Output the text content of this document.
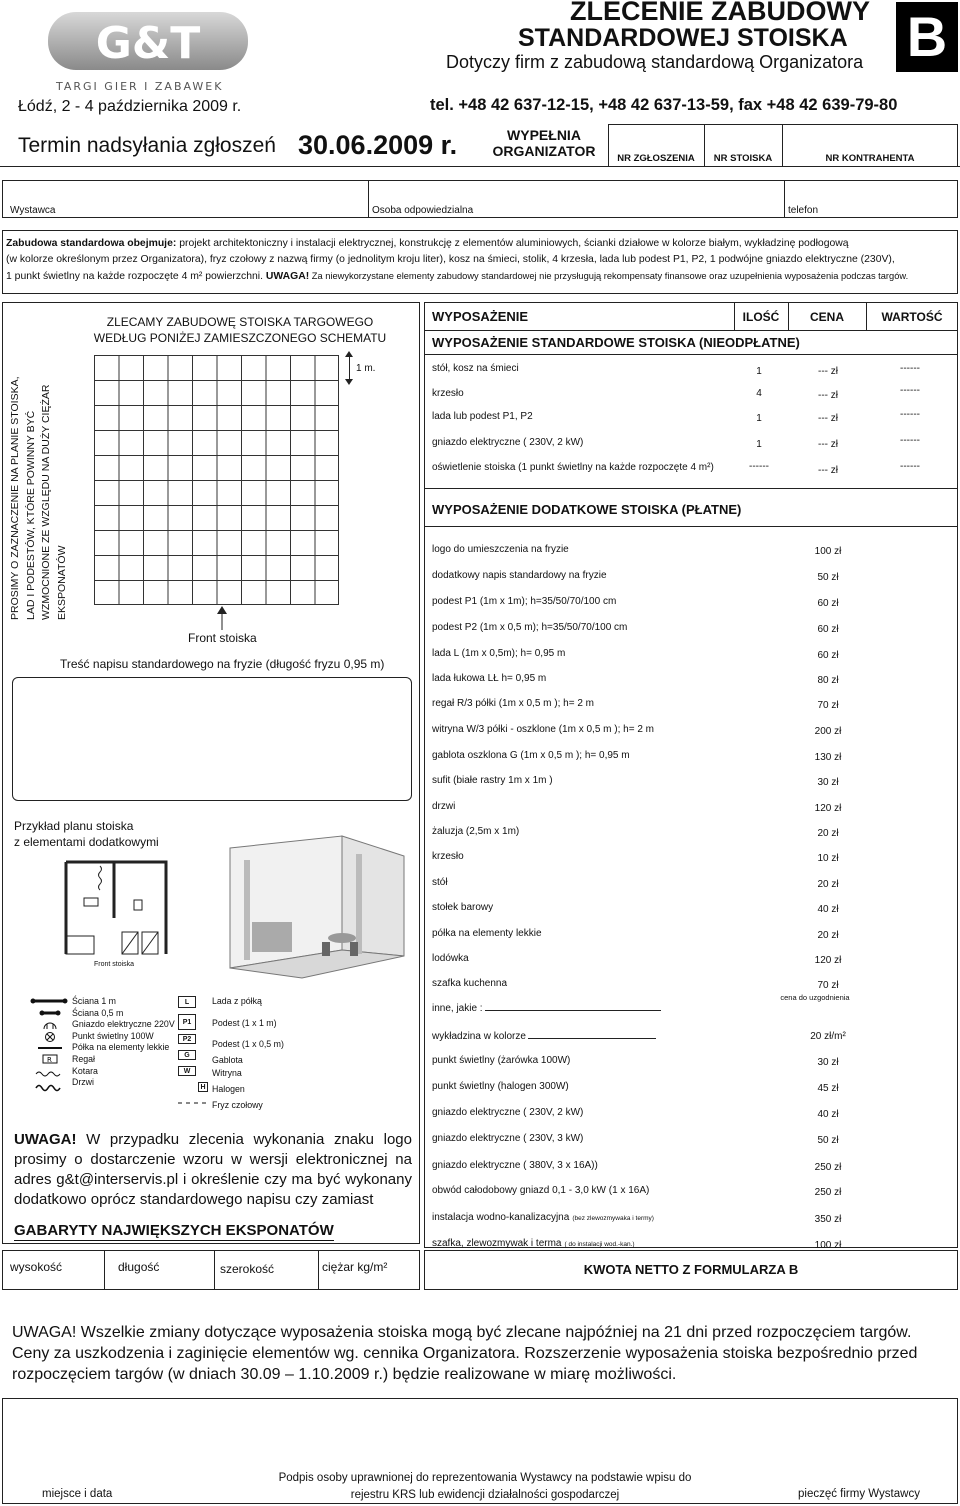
G&T
TARGI GIER I ZABAWEK
ZLECENIE ZABUDOWY
STANDARDOWEJ STOISKA
Dotyczy firm z zabudową standardową Organizatora B
Łódź, 2 - 4 października 2009 r.	tel. +48 42 637-12-15, +48 42 637-13-59, fax +48 42 639-79-80
Termin nadsyłania zgłoszeń 30.06.2009 r.	WYPEŁNIA
ORGANIZATOR	NR ZGŁOSZENIA	NR STOISKA	NR KONTRAHENTA
Wystawca	Osoba odpowiedzialna	telefon
Zabudowa standardowa obejmuje: projekt architektoniczny i instalacji elektrycznej, konstrukcję z elementów aluminiowych, ścianki działowe w kolorze białym, wykładzinę podłogową
(w kolorze określonym przez Organizatora), fryz czołowy z nazwą firmy (o jednolitym kroju liter), kosz na śmieci, stolik, 4 krzesła, lada lub podest P1, P2, 1 podwójne gniazdo elektryczne (230V),
1 punkt świetlny na każde rozpoczęte 4 m² powierzchni. UWAGA! Za niewykorzystane elementy zabudowy standardowej nie przysługują rekompensaty finansowe oraz uzupełnienia wyposażenia podczas targów.
PROSIMY O ZAZNACZENIE NA PLANIE STOISKA, LAD I PODESTÓW, KTÓRE POWINNY BYĆ WZMOCNIONE ZE WZGLĘDU NA DUŻY CIĘŻAR EKSPONATÓW
ZLECAMY ZABUDOWĘ STOISKA TARGOWEGO
WEDŁUG PONIŻEJ ZAMIESZCZONEGO SCHEMATU
1 m.
Front stoiska
Treść napisu standardowego na fryzie (długość fryzu 0,95 m)
Przykład planu stoiska
z elementami dodatkowymi
Front stoiska
R
Ściana 1 m
Ściana 0,5 m
Gniazdo elektryczne 220V
Punkt świetlny 100W
Półka na elementy lekkie
Regał
Kotara
Drzwi
L
P1
P2
G
W
H
Lada z półką
Podest (1 x 1 m)
Podest (1 x 0,5 m)
Gablota
Witryna
Halogen
Fryz czołowy
UWAGA! W przypadku zlecenia wykonania znaku logo prosimy o dostarczenie wzoru w wersji elektronicznej na adres g&t@interservis.pl i określenie czy ma być wykonany dodatkowo oprócz standardowego napisu czy zamiast
GABARYTY NAJWIĘKSZYCH EKSPONATÓW
wysokość	długość	szerokość	ciężar kg/m²
WYPOSAŻENIE	ILOŚĆ	CENA	WARTOŚĆ
WYPOSAŻENIE STANDARDOWE STOISKA (NIEODPŁATNE)
stół, kosz na śmieci	1	--- zł	------
krzesło	4	--- zł	------
lada lub podest P1, P2	1	--- zł	------
gniazdo elektryczne ( 230V, 2 kW)	1	--- zł	------
oświetlenie stoiska (1 punkt świetlny na każde rozpoczęte 4 m²)	------	--- zł	------
WYPOSAŻENIE DODATKOWE STOISKA (PŁATNE)
logo do umieszczenia na fryzie	100 zł
dodatkowy napis standardowy na fryzie	50 zł
podest P1 (1m x 1m); h=35/50/70/100 cm	60 zł
podest P2 (1m x 0,5 m); h=35/50/70/100 cm	60 zł
lada L (1m x 0,5m); h= 0,95 m	60 zł
lada łukowa LŁ h= 0,95 m	80 zł
regał R/3 półki (1m x 0,5 m ); h= 2 m	70 zł
witryna W/3 półki - oszklone (1m x 0,5 m ); h= 2 m	200 zł
gablota oszklona G (1m x 0,5 m ); h= 0,95 m	130 zł
sufit (białe rastry 1m x 1m )	30 zł
drzwi	120 zł
żaluzja (2,5m x 1m)	20 zł
krzesło	10 zł
stół	20 zł
stołek barowy	40 zł
półka na elementy lekkie	20 zł
lodówka	120 zł
szafka kuchenna	70 zł
inne, jakie :
cena do uzgodnienia
wykładzina w kolorze	20 zł/m²
punkt świetlny (żarówka 100W)	30 zł
punkt świetlny (halogen 300W)	45 zł
gniazdo elektryczne ( 230V, 2 kW)	40 zł
gniazdo elektryczne ( 230V, 3 kW)	50 zł
gniazdo elektryczne ( 380V, 3 x 16A))	250 zł
obwód całodobowy gniazd 0,1 - 3,0 kW (1 x 16A)	250 zł
instalacja wodno-kanalizacyjna (bez zlewozmywaka i termy)	350 zł
szafka, zlewozmywak i terma ( do instalacji wod.-kan.)	100 zł
KWOTA NETTO Z FORMULARZA B
UWAGA! Wszelkie zmiany dotyczące wyposażenia stoiska mogą być zlecane najpóźniej na 21 dni przed rozpoczęciem targów.
Ceny za uszkodzenia i zaginięcie elementów wg. cennika Organizatora. Rozszerzenie wyposażenia stoiska bezpośrednio przed
rozpoczęciem targów (w dniach 30.09 – 1.10.2009 r.) będzie realizowane w miarę możliwości.
miejsce i data
Podpis osoby uprawnionej do reprezentowania Wystawcy na podstawie wpisu do
rejestru KRS lub ewidencji działalności gospodarczej	pieczęć firmy Wystawcy
